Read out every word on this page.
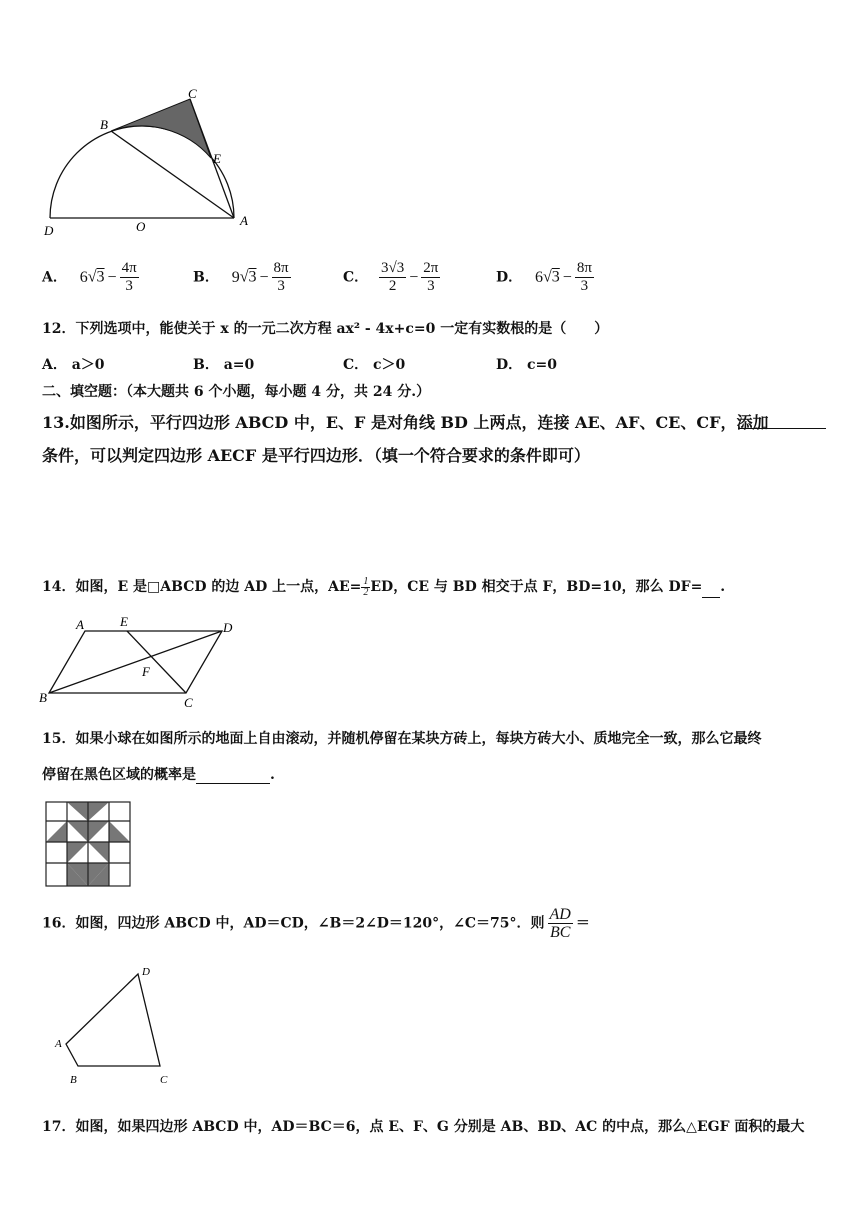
C
B
E
D	O	A
A． $6√3 - \frac{4\pi}{3}$	B． $9√3 - \frac{8\pi}{3}$	C． $\frac{3√3}{2} - \frac{2\pi}{3}$	D． $6√3 - \frac{8\pi}{3}$
12．下列选项中，能使关于 x 的一元二次方程 ax² - 4x+c=0 一定有实数根的是（　　）
A． a＞0	B． a=0	C． c＞0	D． c=0
二、填空题：（本大题共 6 个小题，每小题 4 分，共 24 分.）
13.如图所示，平行四边形 ABCD 中，E、F 是对角线 BD 上两点，连接 AE、AF、CE、CF，添加
条件，可以判定四边形 AECF 是平行四边形．（填一个符合要求的条件即可）
14．如图，E 是□ABCD 的边 AD 上一点，$AE= \frac{1}{2}$ ED，CE 与 BD 相交于点 F，BD=10，那么 DF= .
A	E	D
F
B	C
15．如果小球在如图所示的地面上自由滚动，并随机停留在某块方砖上，每块方砖大小、质地完全一致，那么它最终
停留在黑色区域的概率是	.
16．如图，四边形 ABCD 中，AD＝CD，∠B＝2∠D＝120°，∠C＝75°．则 $\frac{AD}{BC}$ ＝
D
A
B	C
17．如图，如果四边形 ABCD 中，AD＝BC＝6，点 E、F、G 分别是 AB、BD、AC 的中点，那么△EGF 面积的最大
